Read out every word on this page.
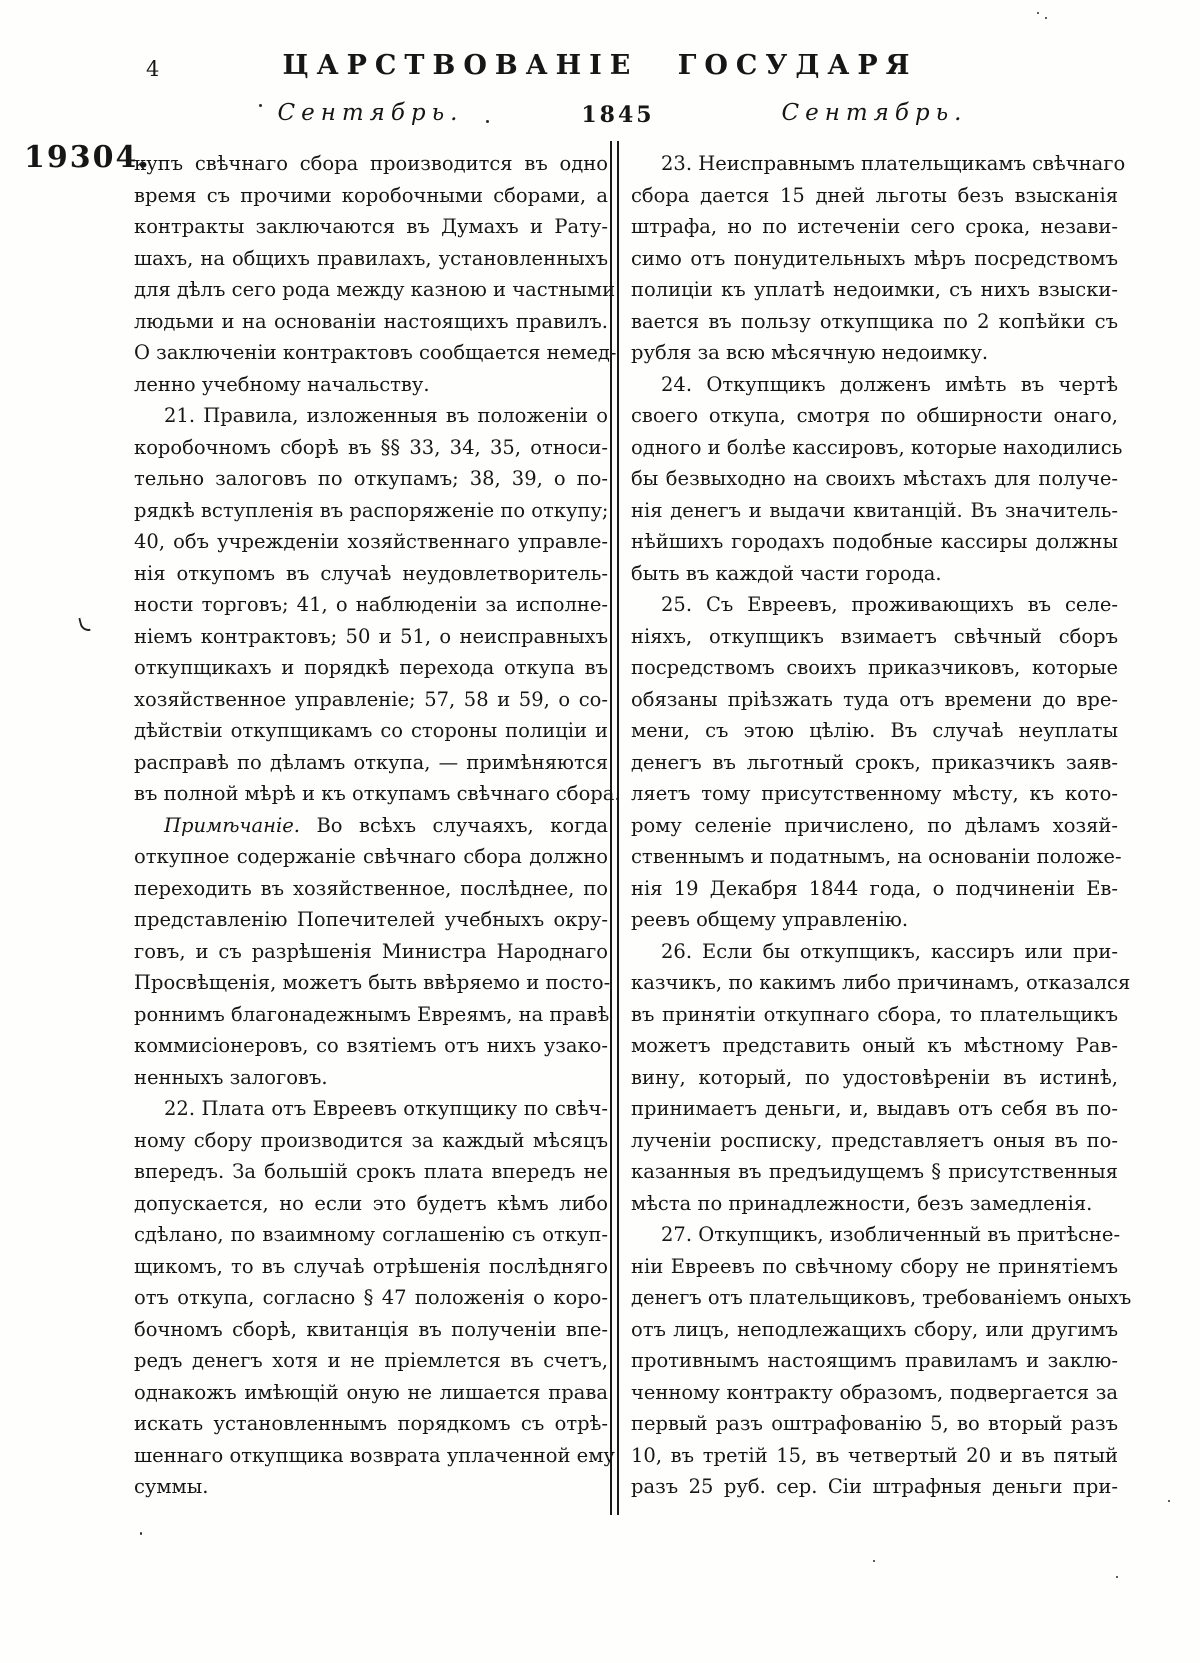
4	ЦАРСТВОВАНІЕ ГОСУДАРЯ
Сентябрь.	1845	Сентябрь.
19304.
купъ свѣчнаго сбора производится въ одно
время съ прочими коробочными сборами, а
контракты заключаются въ Думахъ и Рату-
шахъ, на общихъ правилахъ, установленныхъ
для дѣлъ сего рода между казною и частными
людьми и на основаніи настоящихъ правилъ.
О заключеніи контрактовъ сообщается немед-
ленно учебному начальству.
21. Правила, изложенныя въ положеніи о
коробочномъ сборѣ въ §§ 33, 34, 35, относи-
тельно залоговъ по откупамъ; 38, 39, о по-
рядкѣ вступленія въ распоряженіе по откупу;
40, объ учрежденіи хозяйственнаго управле-
нія откупомъ въ случаѣ неудовлетворитель-
ности торговъ; 41, о наблюденіи за исполне-
ніемъ контрактовъ; 50 и 51, о неисправныхъ
откупщикахъ и порядкѣ перехода откупа въ
хозяйственное управленіе; 57, 58 и 59, о со-
дѣйствіи откупщикамъ со стороны полиціи и
расправѣ по дѣламъ откупа, — примѣняются
въ полной мѣрѣ и къ откупамъ свѣчнаго сбора.
Примѣчаніе. Во всѣхъ случаяхъ, когда
откупное содержаніе свѣчнаго сбора должно
переходить въ хозяйственное, послѣднее, по
представленію Попечителей учебныхъ окру-
говъ, и съ разрѣшенія Министра Народнаго
Просвѣщенія, можетъ быть ввѣряемо и посто-
роннимъ благонадежнымъ Евреямъ, на правѣ
коммисіонеровъ, со взятіемъ отъ нихъ узако-
ненныхъ залоговъ.
22. Плата отъ Евреевъ откупщику по свѣч-
ному сбору производится за каждый мѣсяцъ
впередъ. За большій срокъ плата впередъ не
допускается, но если это будетъ кѣмъ либо
сдѣлано, по взаимному соглашенію съ откуп-
щикомъ, то въ случаѣ отрѣшенія послѣдняго
отъ откупа, согласно § 47 положенія о коро-
бочномъ сборѣ, квитанція въ полученіи впе-
редъ денегъ хотя и не пріемлется въ счетъ,
однакожъ имѣющій оную не лишается права
искать установленнымъ порядкомъ съ отрѣ-
шеннаго откупщика возврата уплаченной ему
суммы.
23. Неисправнымъ плательщикамъ свѣчнаго
сбора дается 15 дней льготы безъ взысканія
штрафа, но по истеченіи сего срока, незави-
симо отъ понудительныхъ мѣръ посредствомъ
полиціи къ уплатѣ недоимки, съ нихъ взыски-
вается въ пользу откупщика по 2 копѣйки съ
рубля за всю мѣсячную недоимку.
24. Откупщикъ долженъ имѣть въ чертѣ
своего откупа, смотря по обширности онаго,
одного и болѣе кассировъ, которые находились
бы безвыходно на своихъ мѣстахъ для получе-
нія денегъ и выдачи квитанцій. Въ значитель-
нѣйшихъ городахъ подобные кассиры должны
быть въ каждой части города.
25. Съ Евреевъ, проживающихъ въ селе-
ніяхъ, откупщикъ взимаетъ свѣчный сборъ
посредствомъ своихъ приказчиковъ, которые
обязаны пріѣзжать туда отъ времени до вре-
мени, съ этою цѣлію. Въ случаѣ неуплаты
денегъ въ льготный срокъ, приказчикъ заяв-
ляетъ тому присутственному мѣсту, къ кото-
рому селеніе причислено, по дѣламъ хозяй-
ственнымъ и податнымъ, на основаніи положе-
нія 19 Декабря 1844 года, о подчиненіи Ев-
реевъ общему управленію.
26. Если бы откупщикъ, кассиръ или при-
казчикъ, по какимъ либо причинамъ, отказался
въ принятіи откупнаго сбора, то плательщикъ
можетъ представить оный къ мѣстному Рав-
вину, который, по удостовѣреніи въ истинѣ,
принимаетъ деньги, и, выдавъ отъ себя въ по-
лученіи росписку, представляетъ оныя въ по-
казанныя въ предъидущемъ § присутственныя
мѣста по принадлежности, безъ замедленія.
27. Откупщикъ, изобличенный въ притѣсне-
ніи Евреевъ по свѣчному сбору не принятіемъ
денегъ отъ плательщиковъ, требованіемъ оныхъ
отъ лицъ, неподлежащихъ сбору, или другимъ
противнымъ настоящимъ правиламъ и заклю-
ченному контракту образомъ, подвергается за
первый разъ оштрафованію 5, во вторый разъ
10, въ третій 15, въ четвертый 20 и въ пятый
разъ 25 руб. сер. Сіи штрафныя деньги при-
